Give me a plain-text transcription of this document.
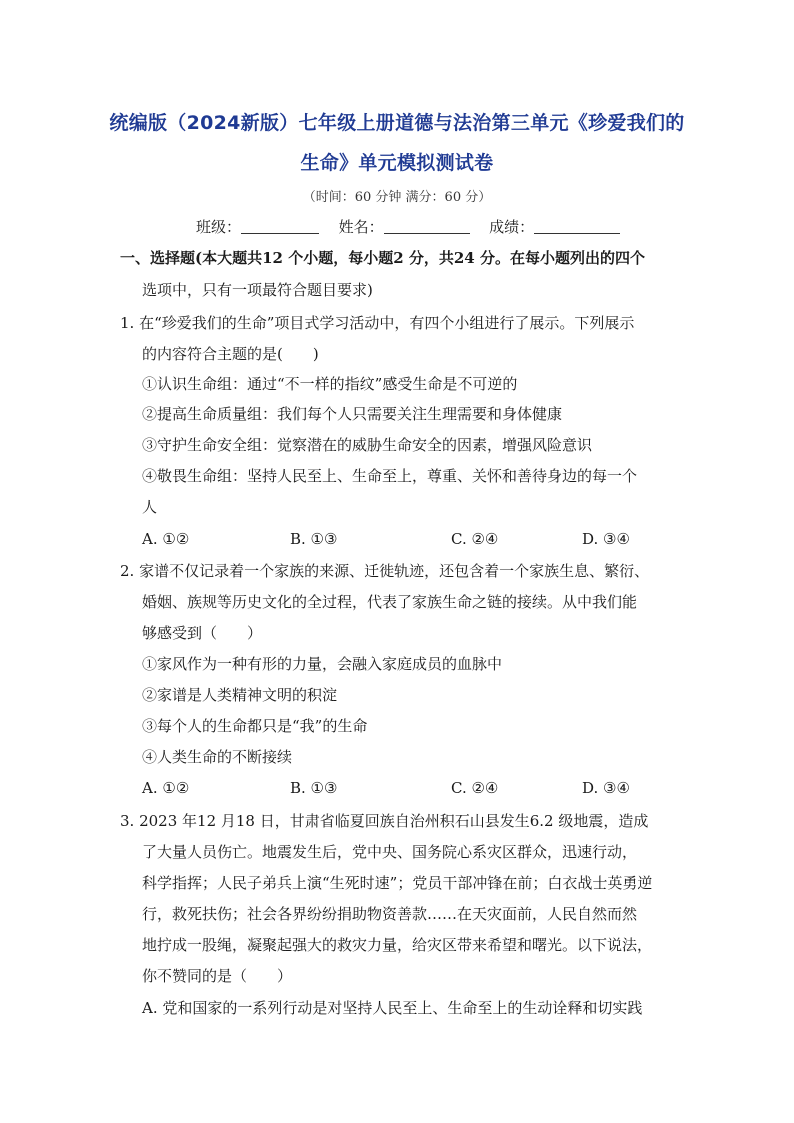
统编版（2024新版）七年级上册道德与法治第三单元《珍爱我们的
生命》单元模拟测试卷
（时间：60 分钟 满分：60 分）
班级：	姓名：	成绩：
一、选择题(本大题共12 个小题，每小题2 分，共24 分。在每小题列出的四个
选项中，只有一项最符合题目要求)
1. 在“珍爱我们的生命”项目式学习活动中，有四个小组进行了展示。下列展示
的内容符合主题的是(　　)
①认识生命组：通过“不一样的指纹”感受生命是不可逆的
②提高生命质量组：我们每个人只需要关注生理需要和身体健康
③守护生命安全组：觉察潜在的威胁生命安全的因素，增强风险意识
④敬畏生命组：坚持人民至上、生命至上，尊重、关怀和善待身边的每一个
人
A. ①②	B. ①③	C. ②④	D. ③④
2. 家谱不仅记录着一个家族的来源、迁徙轨迹，还包含着一个家族生息、繁衍、
婚姻、族规等历史文化的全过程，代表了家族生命之链的接续。从中我们能
够感受到（　　）
①家风作为一种有形的力量，会融入家庭成员的血脉中
②家谱是人类精神文明的积淀
③每个人的生命都只是“我”的生命
④人类生命的不断接续
A. ①②	B. ①③	C. ②④	D. ③④
3. 2023 年12 月18 日，甘肃省临夏回族自治州积石山县发生6.2 级地震，造成
了大量人员伤亡。地震发生后，党中央、国务院心系灾区群众，迅速行动，
科学指挥；人民子弟兵上演“生死时速”；党员干部冲锋在前；白衣战士英勇逆
行，救死扶伤；社会各界纷纷捐助物资善款……在天灾面前，人民自然而然
地拧成一股绳，凝聚起强大的救灾力量，给灾区带来希望和曙光。以下说法，
你不赞同的是（　　）
A. 党和国家的一系列行动是对坚持人民至上、生命至上的生动诠释和切实践
